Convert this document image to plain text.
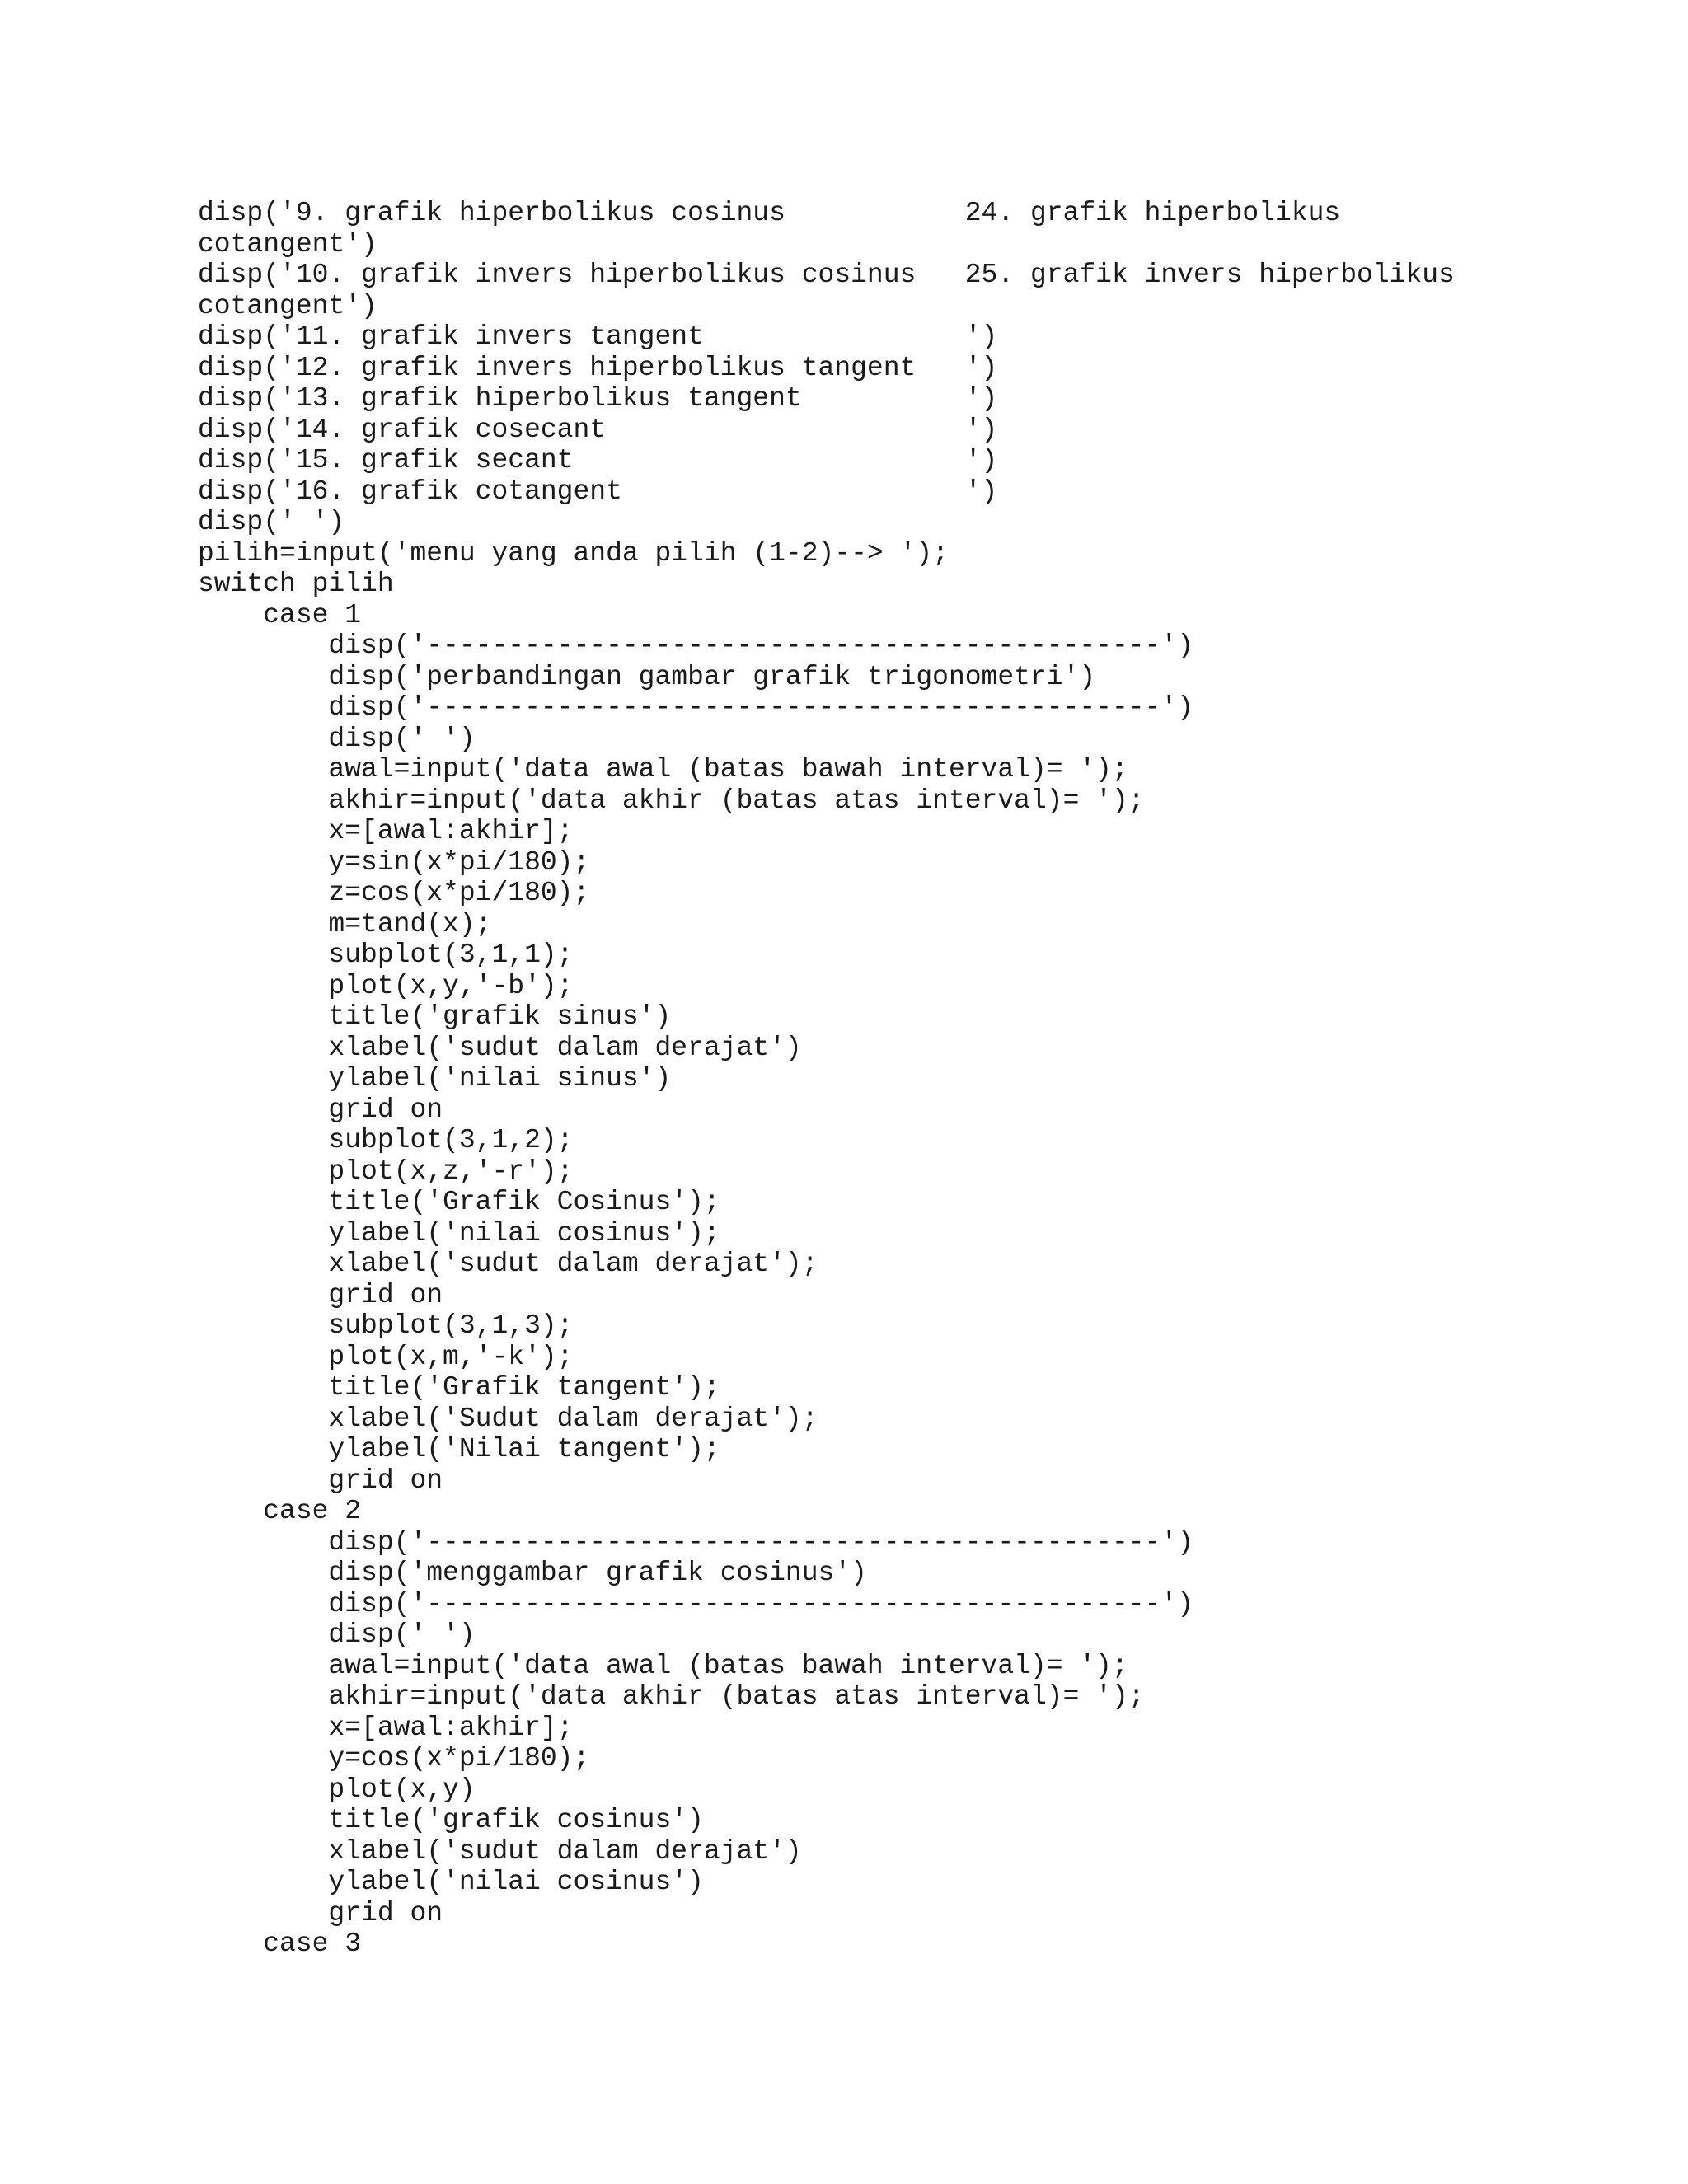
disp('9. grafik hiperbolikus cosinus           24. grafik hiperbolikus
cotangent')
disp('10. grafik invers hiperbolikus cosinus   25. grafik invers hiperbolikus
cotangent')
disp('11. grafik invers tangent                ')
disp('12. grafik invers hiperbolikus tangent   ')
disp('13. grafik hiperbolikus tangent          ')
disp('14. grafik cosecant                      ')
disp('15. grafik secant                        ')
disp('16. grafik cotangent                     ')
disp(' ')
pilih=input('menu yang anda pilih (1-2)--> ');
switch pilih
case 1
disp('---------------------------------------------')
disp('perbandingan gambar grafik trigonometri')
disp('---------------------------------------------')
disp(' ')
awal=input('data awal (batas bawah interval)= ');
akhir=input('data akhir (batas atas interval)= ');
x=[awal:akhir];
y=sin(x*pi/180);
z=cos(x*pi/180);
m=tand(x);
subplot(3,1,1);
plot(x,y,'-b');
title('grafik sinus')
xlabel('sudut dalam derajat')
ylabel('nilai sinus')
grid on
subplot(3,1,2);
plot(x,z,'-r');
title('Grafik Cosinus');
ylabel('nilai cosinus');
xlabel('sudut dalam derajat');
grid on
subplot(3,1,3);
plot(x,m,'-k');
title('Grafik tangent');
xlabel('Sudut dalam derajat');
ylabel('Nilai tangent');
grid on
case 2
disp('---------------------------------------------')
disp('menggambar grafik cosinus')
disp('---------------------------------------------')
disp(' ')
awal=input('data awal (batas bawah interval)= ');
akhir=input('data akhir (batas atas interval)= ');
x=[awal:akhir];
y=cos(x*pi/180);
plot(x,y)
title('grafik cosinus')
xlabel('sudut dalam derajat')
ylabel('nilai cosinus')
grid on
case 3
